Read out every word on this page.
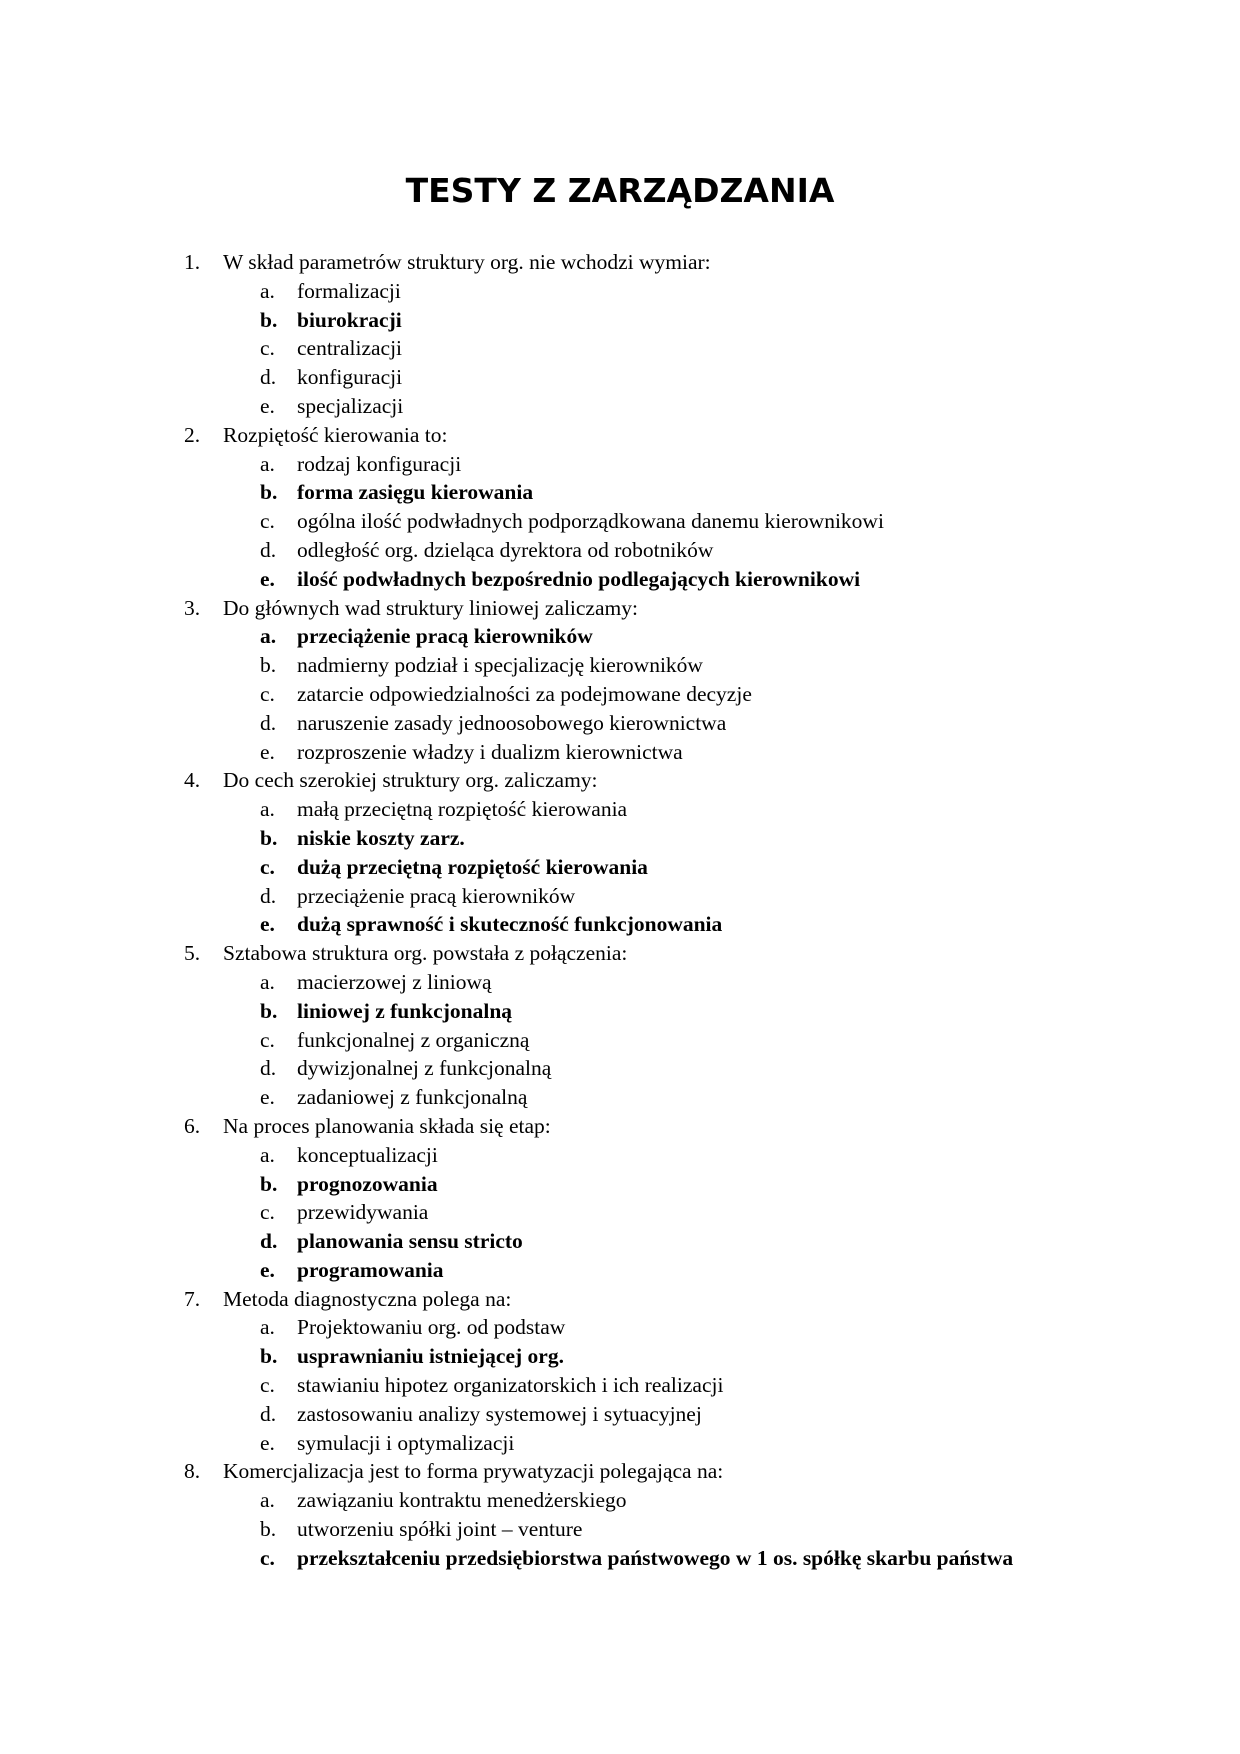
TESTY Z ZARZĄDZANIA
1. W skład parametrów struktury org. nie wchodzi wymiar:
a.	formalizacji
b. biurokracji
c.	centralizacji
d. konfiguracji
e.	specjalizacji
2. Rozpiętość kierowania to:
a.	rodzaj konfiguracji
b. forma zasięgu kierowania
c.	ogólna ilość podwładnych podporządkowana danemu kierownikowi
d. odległość org. dzieląca dyrektora od robotników
e.	ilość podwładnych bezpośrednio podlegających kierownikowi
3. Do głównych wad struktury liniowej zaliczamy:
a. przeciążenie pracą kierowników
b. nadmierny podział i specjalizację kierowników
c.	zatarcie odpowiedzialności za podejmowane decyzje
d. naruszenie zasady jednoosobowego kierownictwa
e.	rozproszenie władzy i dualizm kierownictwa
4. Do cech szerokiej struktury org. zaliczamy:
a.	małą przeciętną rozpiętość kierowania
b. niskie koszty zarz.
c.	dużą przeciętną rozpiętość kierowania
d. przeciążenie pracą kierowników
e.	dużą sprawność i skuteczność funkcjonowania
5. Sztabowa struktura org. powstała z połączenia:
a.	macierzowej z liniową
b. liniowej z funkcjonalną
c.	funkcjonalnej z organiczną
d. dywizjonalnej z funkcjonalną
e.	zadaniowej z funkcjonalną
6. Na proces planowania składa się etap:
a.	konceptualizacji
b. prognozowania
c.	przewidywania
d. planowania sensu stricto
e.	programowania
7. Metoda diagnostyczna polega na:
a.	Projektowaniu org. od podstaw
b. usprawnianiu istniejącej org.
c.	stawianiu hipotez organizatorskich i ich realizacji
d. zastosowaniu analizy systemowej i sytuacyjnej
e.	symulacji i optymalizacji
8. Komercjalizacja jest to forma prywatyzacji polegająca na:
a.	zawiązaniu kontraktu menedżerskiego
b. utworzeniu spółki joint – venture
c.	przekształceniu przedsiębiorstwa państwowego w 1 os. spółkę skarbu państwa
